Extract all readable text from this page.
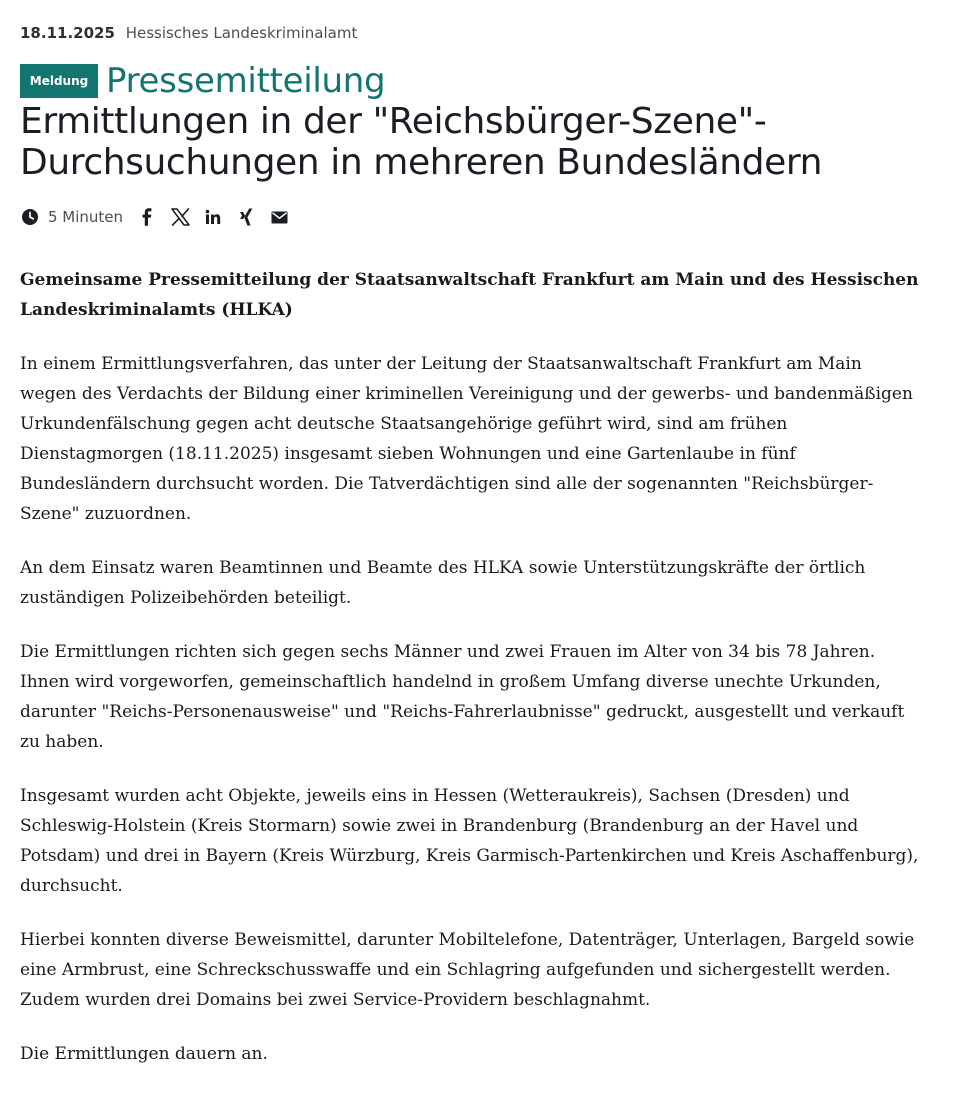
18.11.2025 Hessisches Landeskriminalamt
Meldung Pressemitteilung
Ermittlungen in der "Reichsbürger-Szene"-
Durchsuchungen in mehreren Bundesländern
5 Minuten

Gemeinsame Pressemitteilung der Staatsanwaltschaft Frankfurt am Main und des Hessischen Landeskriminalamts (HLKA)

In einem Ermittlungsverfahren, das unter der Leitung der Staatsanwaltschaft Frankfurt am Main wegen des Verdachts der Bildung einer kriminellen Vereinigung und der gewerbs- und bandenmäßigen Urkundenfälschung gegen acht deutsche Staatsangehörige geführt wird, sind am frühen Dienstagmorgen (18.11.2025) insgesamt sieben Wohnungen und eine Gartenlaube in fünf Bundesländern durchsucht worden. Die Tatverdächtigen sind alle der sogenannten "Reichsbürger-Szene" zuzuordnen.

An dem Einsatz waren Beamtinnen und Beamte des HLKA sowie Unterstützungskräfte der örtlich zuständigen Polizeibehörden beteiligt.

Die Ermittlungen richten sich gegen sechs Männer und zwei Frauen im Alter von 34 bis 78 Jahren. Ihnen wird vorgeworfen, gemeinschaftlich handelnd in großem Umfang diverse unechte Urkunden, darunter "Reichs-Personenausweise" und "Reichs-Fahrerlaubnisse" gedruckt, ausgestellt und verkauft zu haben.

Insgesamt wurden acht Objekte, jeweils eins in Hessen (Wetteraukreis), Sachsen (Dresden) und Schleswig-Holstein (Kreis Stormarn) sowie zwei in Brandenburg (Brandenburg an der Havel und Potsdam) und drei in Bayern (Kreis Würzburg, Kreis Garmisch-Partenkirchen und Kreis Aschaffenburg), durchsucht.

Hierbei konnten diverse Beweismittel, darunter Mobiltelefone, Datenträger, Unterlagen, Bargeld sowie eine Armbrust, eine Schreckschusswaffe und ein Schlagring aufgefunden und sichergestellt werden. Zudem wurden drei Domains bei zwei Service-Providern beschlagnahmt.

Die Ermittlungen dauern an.
